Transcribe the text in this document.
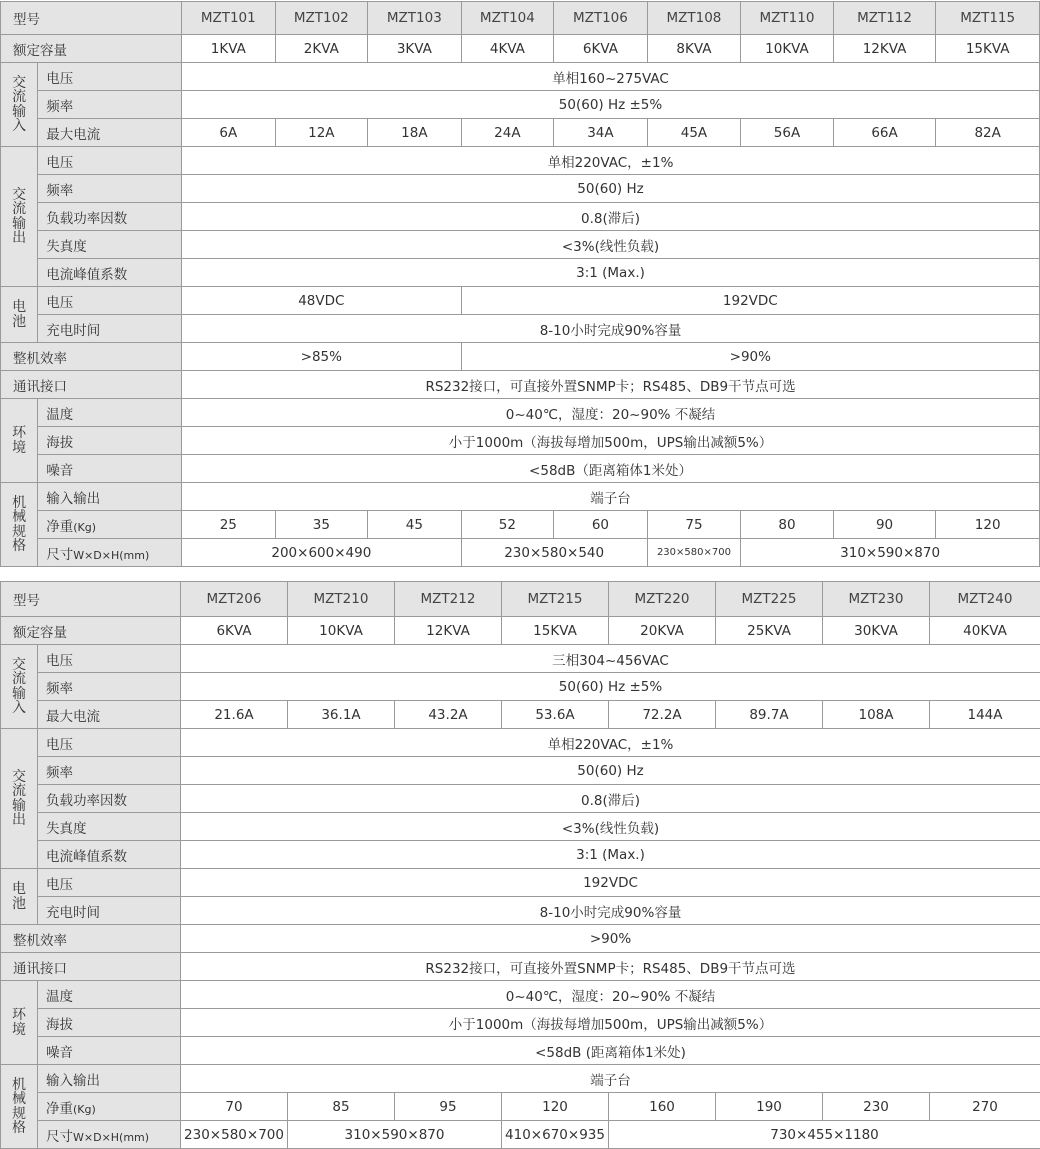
型号		MZT101	MZT102	MZT103	MZT104	MZT106	MZT108	MZT110	MZT112	MZT115
额定容量		1KVA	2KVA	3KVA	4KVA	6KVA	8KVA	10KVA	12KVA	15KVA
交流输入	电压	单相160~275VAC								
	频率	50(60) Hz ±5%								
	最大电流	6A	12A	18A	24A	34A	45A	56A	66A	82A
交流输出	电压	单相220VAC，±1%								
	频率	50(60) Hz								
	负载功率因数	0.8(滞后)								
	失真度	<3%(线性负载)								
	电流峰值系数	3:1 (Max.)								
电池	电压	48VDC			192VDC					
	充电时间	8-10小时完成90%容量								
整机效率		>85%			>90%					
通讯接口		RS232接口，可直接外置SNMP卡；RS485、DB9干节点可选								
环境	温度	0~40℃，湿度：20~90% 不凝结								
	海拔	小于1000m（海拔每增加500m，UPS输出减额5%）								
	噪音	<58dB（距离箱体1米处）								
机械规格	输入输出	端子台								
	净重(Kg)	25	35	45	52	60	75	80	90	120
	尺寸W×D×H(mm)	200×600×490			230×580×540		230×580×700	310×590×870		
型号		MZT206	MZT210	MZT212	MZT215	MZT220	MZT225	MZT230	MZT240
额定容量		6KVA	10KVA	12KVA	15KVA	20KVA	25KVA	30KVA	40KVA
交流输入	电压	三相304~456VAC							
	频率	50(60) Hz ±5%							
	最大电流	21.6A	36.1A	43.2A	53.6A	72.2A	89.7A	108A	144A
交流输出	电压	单相220VAC，±1%							
	频率	50(60) Hz							
	负载功率因数	0.8(滞后)							
	失真度	<3%(线性负载)							
	电流峰值系数	3:1 (Max.)							
电池	电压	192VDC							
	充电时间	8-10小时完成90%容量							
整机效率		>90%							
通讯接口		RS232接口，可直接外置SNMP卡；RS485、DB9干节点可选							
环境	温度	0~40℃，湿度：20~90% 不凝结							
	海拔	小于1000m（海拔每增加500m，UPS输出减额5%）							
	噪音	<58dB (距离箱体1米处)							
机械规格	输入输出	端子台							
	净重(Kg)	70	85	95	120	160	190	230	270
	尺寸W×D×H(mm)	230×580×700	310×590×870		410×670×935	730×455×1180			
